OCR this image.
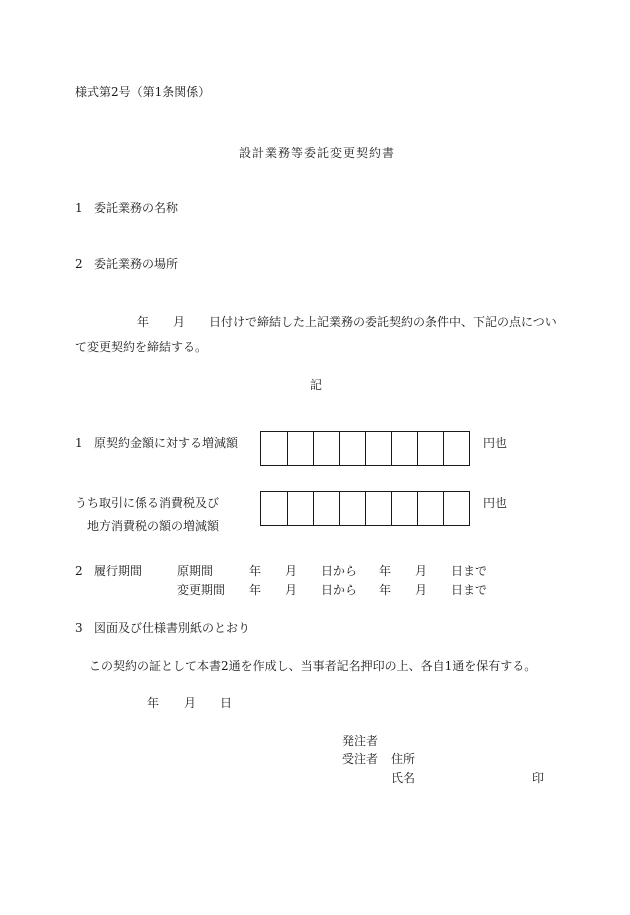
様式第2号（第1条関係）
設計業務等委託変更契約書
1 委託業務の名称
2 委託業務の場所
年 月 日付けで締結した上記業務の委託契約の条件中、下記の点につい
て変更契約を締結する。
記
1 原契約金額に対する増減額	円也
うち取引に係る消費税及び
地方消費税の額の増減額
円也
2 履行期間	原期間	年 月 日から 年 月 日まで
変更期間 年 月 日から 年 月 日まで
3 図面及び仕様書別紙のとおり
この契約の証として本書2通を作成し、当事者記名押印の上、各自1通を保有する。
年 月 日
発注者
受注者 住所
氏名	印
